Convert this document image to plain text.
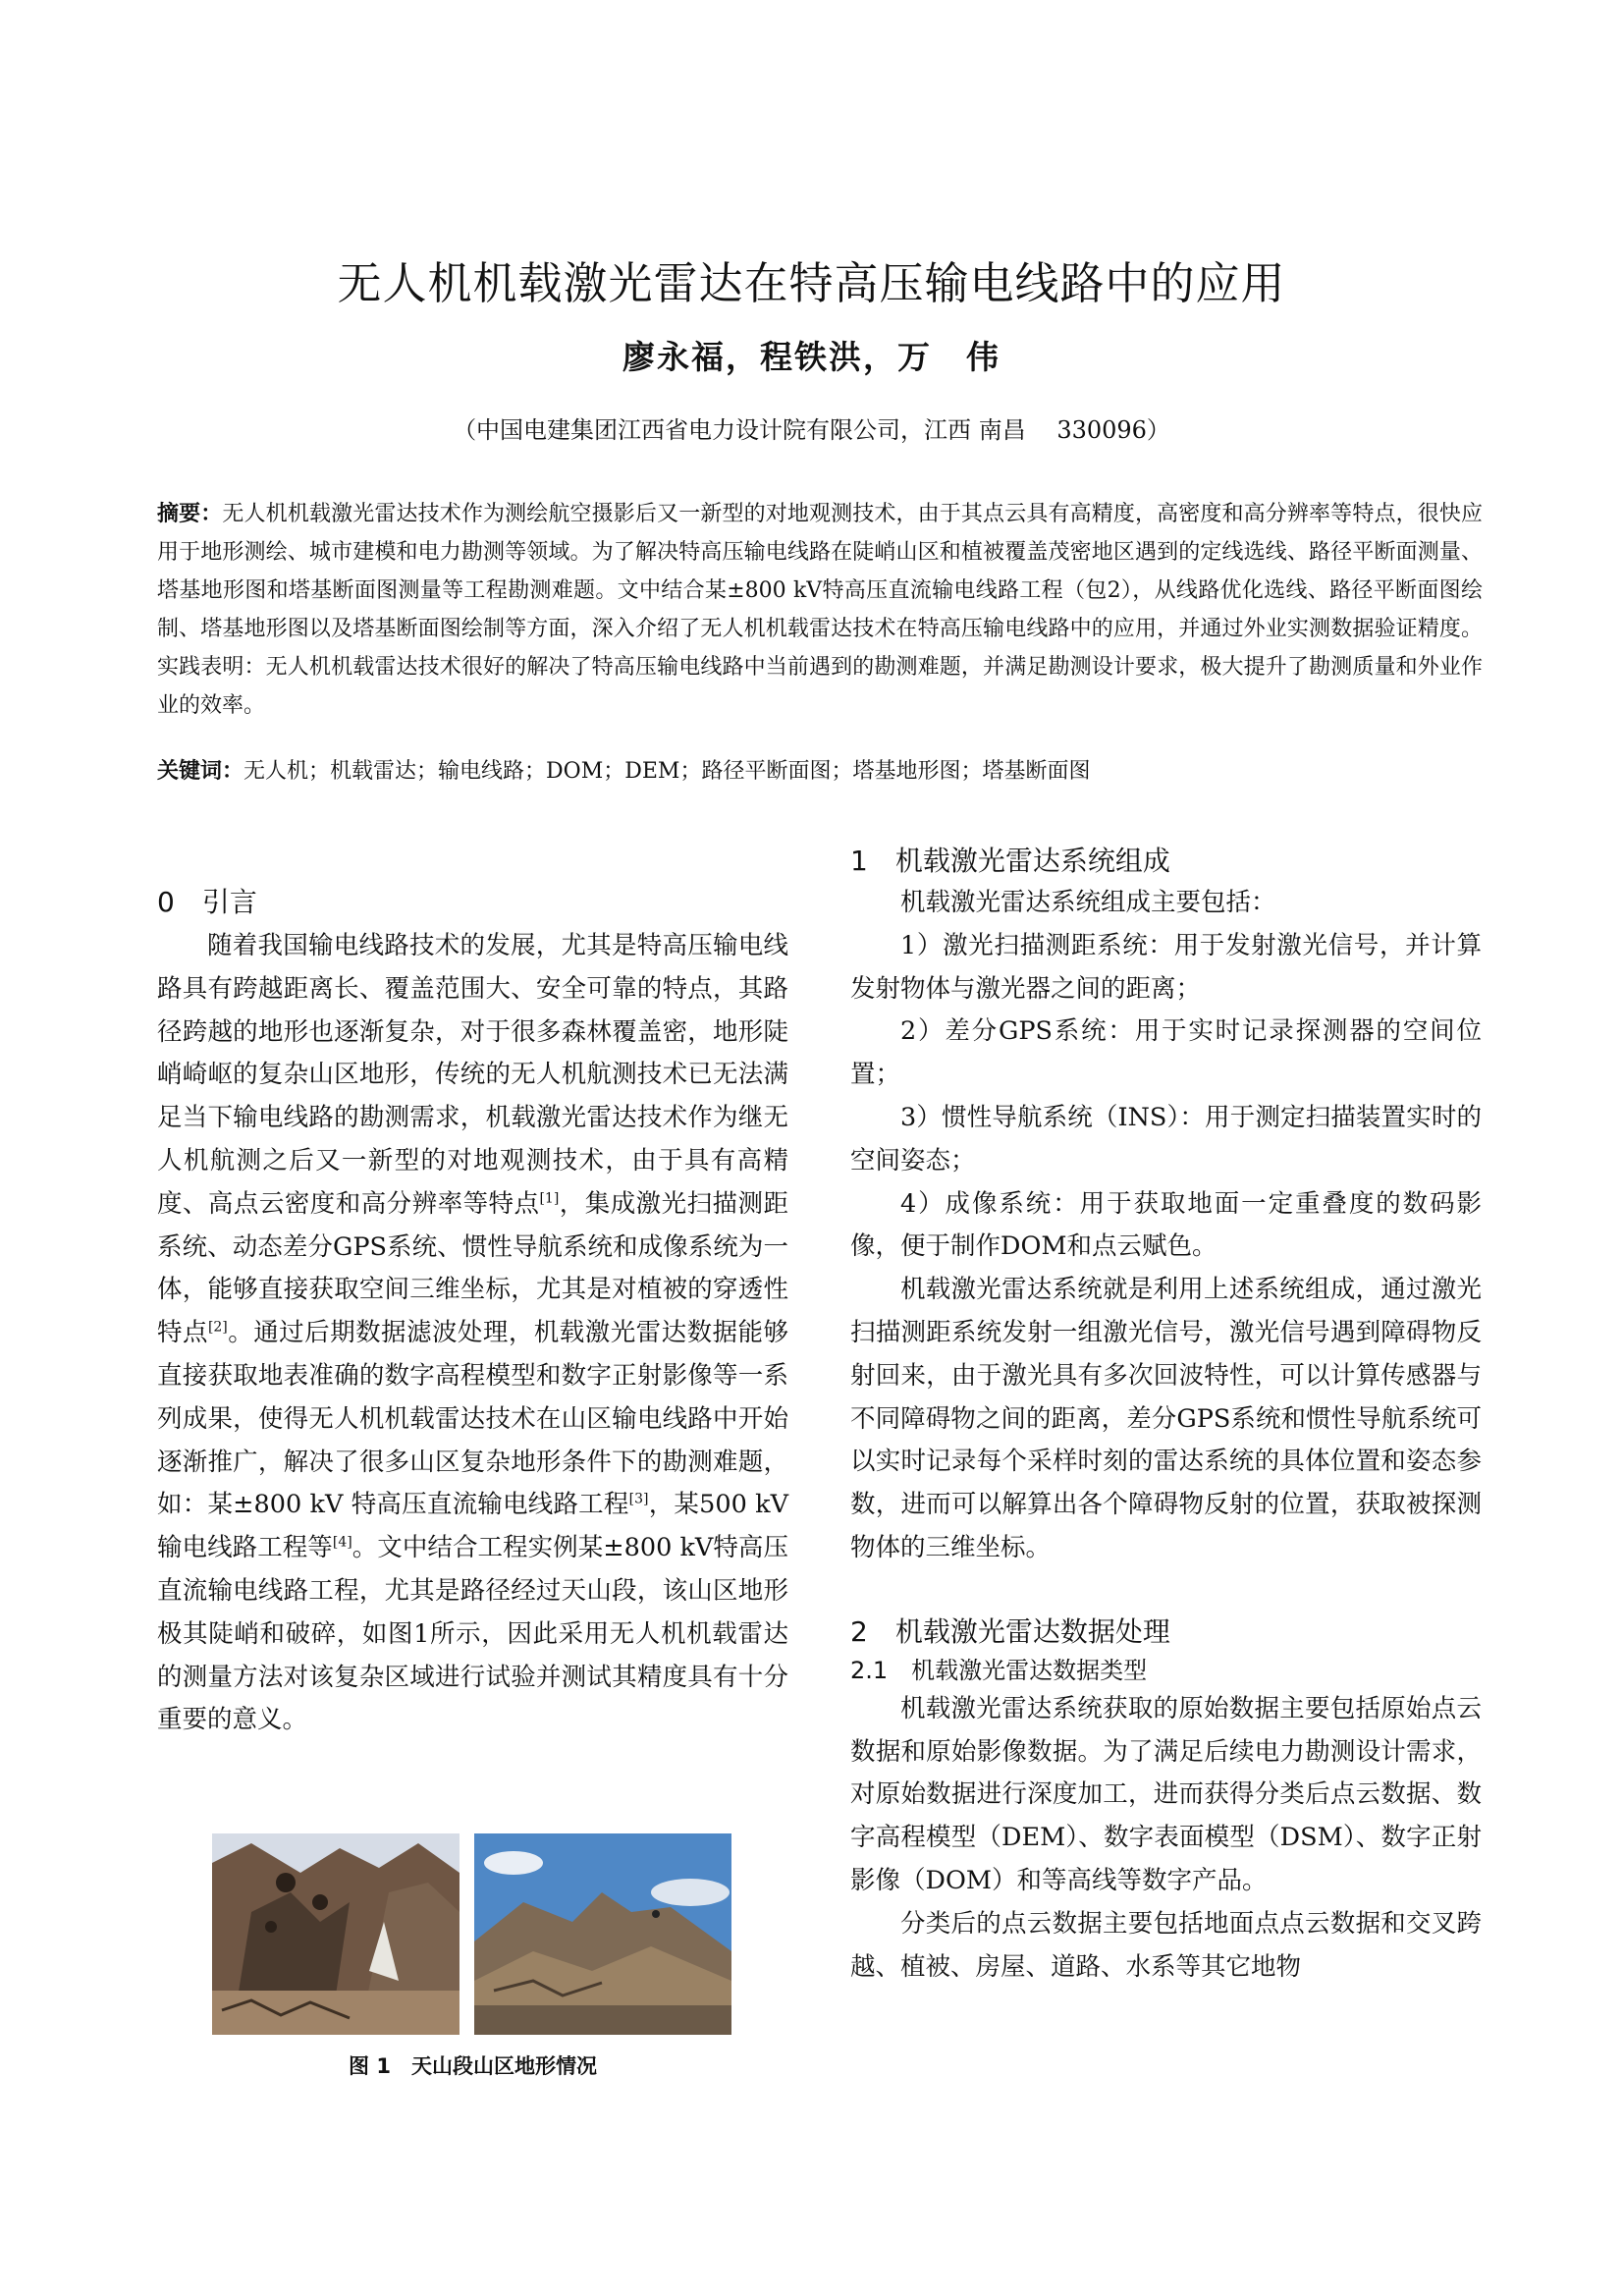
无人机机载激光雷达在特高压输电线路中的应用
廖永福，程铁洪，万　伟
（中国电建集团江西省电力设计院有限公司，江西 南昌　 330096）

摘要：无人机机载激光雷达技术作为测绘航空摄影后又一新型的对地观测技术，由于其点云具有高精度，高密度和高分辨率等特点，很快应用于地形测绘、城市建模和电力勘测等领域。为了解决特高压输电线路在陡峭山区和植被覆盖茂密地区遇到的定线选线、路径平断面测量、塔基地形图和塔基断面图测量等工程勘测难题。文中结合某±800 kV特高压直流输电线路工程（包2），从线路优化选线、路径平断面图绘制、塔基地形图以及塔基断面图绘制等方面，深入介绍了无人机机载雷达技术在特高压输电线路中的应用，并通过外业实测数据验证精度。实践表明：无人机机载雷达技术很好的解决了特高压输电线路中当前遇到的勘测难题，并满足勘测设计要求，极大提升了勘测质量和外业作业的效率。

关键词：无人机；机载雷达；输电线路；DOM；DEM；路径平断面图；塔基地形图；塔基断面图

0　引言

随着我国输电线路技术的发展，尤其是特高压输电线路具有跨越距离长、覆盖范围大、安全可靠的特点，其路径跨越的地形也逐渐复杂，对于很多森林覆盖密，地形陡峭崎岖的复杂山区地形，传统的无人机航测技术已无法满足当下输电线路的勘测需求，机载激光雷达技术作为继无人机航测之后又一新型的对地观测技术，由于具有高精度、高点云密度和高分辨率等特点[1]，集成激光扫描测距系统、动态差分GPS系统、惯性导航系统和成像系统为一体，能够直接获取空间三维坐标，尤其是对植被的穿透性特点[2]。通过后期数据滤波处理，机载激光雷达数据能够直接获取地表准确的数字高程模型和数字正射影像等一系列成果，使得无人机机载雷达技术在山区输电线路中开始逐渐推广，解决了很多山区复杂地形条件下的勘测难题，如：某±800 kV 特高压直流输电线路工程[3]，某500 kV 输电线路工程等[4]。文中结合工程实例某±800 kV特高压直流输电线路工程，尤其是路径经过天山段，该山区地形极其陡峭和破碎，如图1所示，因此采用无人机机载雷达的测量方法对该复杂区域进行试验并测试其精度具有十分重要的意义。

图 1　天山段山区地形情况
1　机载激光雷达系统组成

机载激光雷达系统组成主要包括：

1）激光扫描测距系统：用于发射激光信号，并计算发射物体与激光器之间的距离；

2）差分GPS系统：用于实时记录探测器的空间位置；

3）惯性导航系统（INS）：用于测定扫描装置实时的空间姿态；

4）成像系统：用于获取地面一定重叠度的数码影像，便于制作DOM和点云赋色。

机载激光雷达系统就是利用上述系统组成，通过激光扫描测距系统发射一组激光信号，激光信号遇到障碍物反射回来，由于激光具有多次回波特性，可以计算传感器与不同障碍物之间的距离，差分GPS系统和惯性导航系统可以实时记录每个采样时刻的雷达系统的具体位置和姿态参数，进而可以解算出各个障碍物反射的位置，获取被探测物体的三维坐标。

2　机载激光雷达数据处理
2.1　机载激光雷达数据类型

机载激光雷达系统获取的原始数据主要包括原始点云数据和原始影像数据。为了满足后续电力勘测设计需求，对原始数据进行深度加工，进而获得分类后点云数据、数字高程模型（DEM）、数字表面模型（DSM）、数字正射影像（DOM）和等高线等数字产品。

分类后的点云数据主要包括地面点点云数据和交叉跨越、植被、房屋、道路、水系等其它地物
